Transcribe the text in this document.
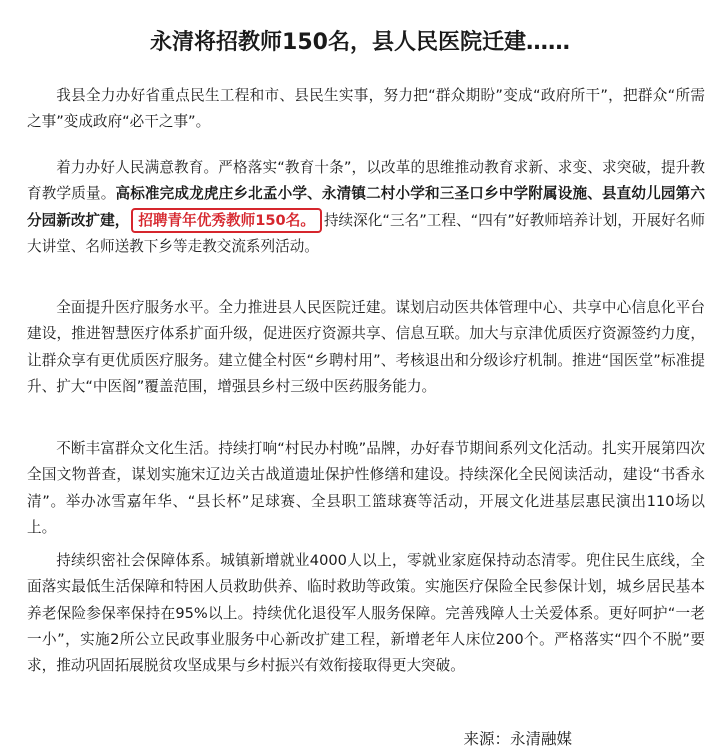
永清将招教师150名，县人民医院迁建……

我县全力办好省重点民生工程和市、县民生实事，努力把“群众期盼”变成“政府所干”，把群众“所需之事”变成政府“必干之事”。

着力办好人民满意教育。严格落实“教育十条”，以改革的思维推动教育求新、求变、求突破，提升教育教学质量。高标准完成龙虎庄乡北孟小学、永清镇二村小学和三圣口乡中学附属设施、县直幼儿园第六分园新改扩建， 招聘青年优秀教师150名。 持续深化“三名”工程、“四有”好教师培养计划，开展好名师大讲堂、名师送教下乡等走教交流系列活动。

全面提升医疗服务水平。全力推进县人民医院迁建。谋划启动医共体管理中心、共享中心信息化平台建设，推进智慧医疗体系扩面升级，促进医疗资源共享、信息互联。加大与京津优质医疗资源签约力度，让群众享有更优质医疗服务。建立健全村医“乡聘村用”、考核退出和分级诊疗机制。推进“国医堂”标准提升、扩大“中医阁”覆盖范围，增强县乡村三级中医药服务能力。

不断丰富群众文化生活。持续打响“村民办村晚”品牌，办好春节期间系列文化活动。扎实开展第四次全国文物普查，谋划实施宋辽边关古战道遗址保护性修缮和建设。持续深化全民阅读活动，建设“书香永清”。举办冰雪嘉年华、“县长杯”足球赛、全县职工篮球赛等活动，开展文化进基层惠民演出110场以上。

持续织密社会保障体系。城镇新增就业4000人以上，零就业家庭保持动态清零。兜住民生底线，全面落实最低生活保障和特困人员救助供养、临时救助等政策。实施医疗保险全民参保计划，城乡居民基本养老保险参保率保持在95%以上。持续优化退役军人服务保障。完善残障人士关爱体系。更好呵护“一老一小”，实施2所公立民政事业服务中心新改扩建工程，新增老年人床位200个。严格落实“四个不脱”要求，推动巩固拓展脱贫攻坚成果与乡村振兴有效衔接取得更大突破。

来源：永清融媒
